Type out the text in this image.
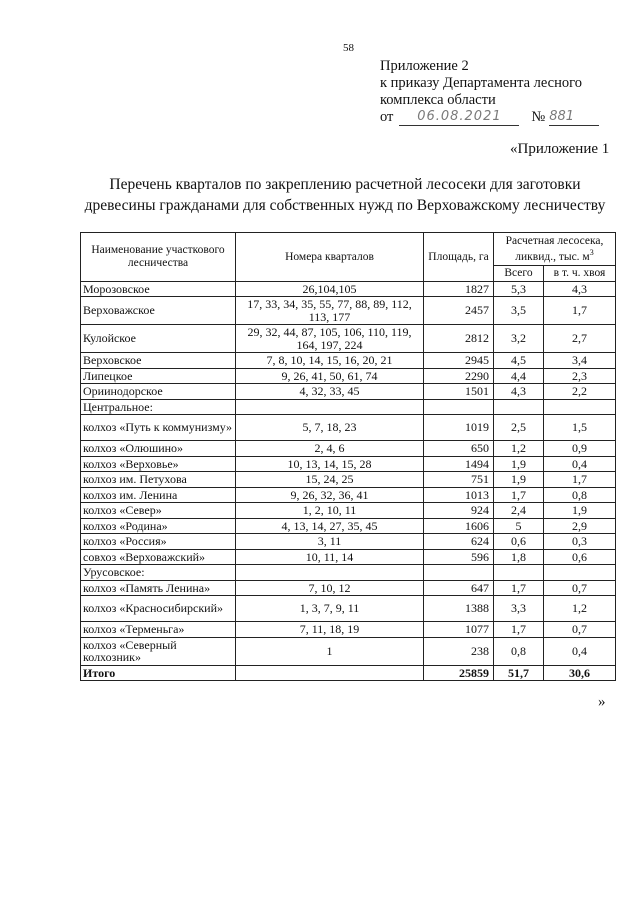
58
Приложение 2
к приказу Департамента лесного
комплекса области
от	06.08.2021	№ 881
«Приложение 1
Перечень кварталов по закреплению расчетной лесосеки для заготовки
древесины гражданами для собственных нужд по Верховажскому лесничеству
Наименование участкового лесничества	Номера кварталов	Площадь, га	Расчетная лесосека, ликвид., тыс. $м^3$
			Всего	в т. ч. хвоя
Морозовское	26,104,105	1827	5,3	4,3
Верховажское	17, 33, 34, 35, 55, 77, 88, 89, 112, 113, 177	2457	3,5	1,7
Кулойское	29, 32, 44, 87, 105, 106, 110, 119, 164, 197, 224	2812	3,2	2,7
Верховское	7, 8, 10, 14, 15, 16, 20, 21	2945	4,5	3,4
Липецкое	9, 26, 41, 50, 61, 74	2290	4,4	2,3
Ориинодорское	4, 32, 33, 45	1501	4,3	2,2
Центральное:				
колхоз «Путь к коммунизму»	5, 7, 18, 23	1019	2,5	1,5
колхоз «Олюшино»	2, 4, 6	650	1,2	0,9
колхоз «Верховье»	10, 13, 14, 15, 28	1494	1,9	0,4
колхоз им. Петухова	15, 24, 25	751	1,9	1,7
колхоз им. Ленина	9, 26, 32, 36, 41	1013	1,7	0,8
колхоз «Север»	1, 2, 10, 11	924	2,4	1,9
колхоз «Родина»	4, 13, 14, 27, 35, 45	1606	5	2,9
колхоз «Россия»	3, 11	624	0,6	0,3
совхоз «Верховажский»	10, 11, 14	596	1,8	0,6
Урусовское:				
колхоз «Память Ленина»	7, 10, 12	647	1,7	0,7
колхоз «Красносибирский»	1, 3, 7, 9, 11	1388	3,3	1,2
колхоз «Терменьга»	7, 11, 18, 19	1077	1,7	0,7
колхоз «Северный колхозник»	1	238	0,8	0,4
Итого		25859	51,7	30,6
»
